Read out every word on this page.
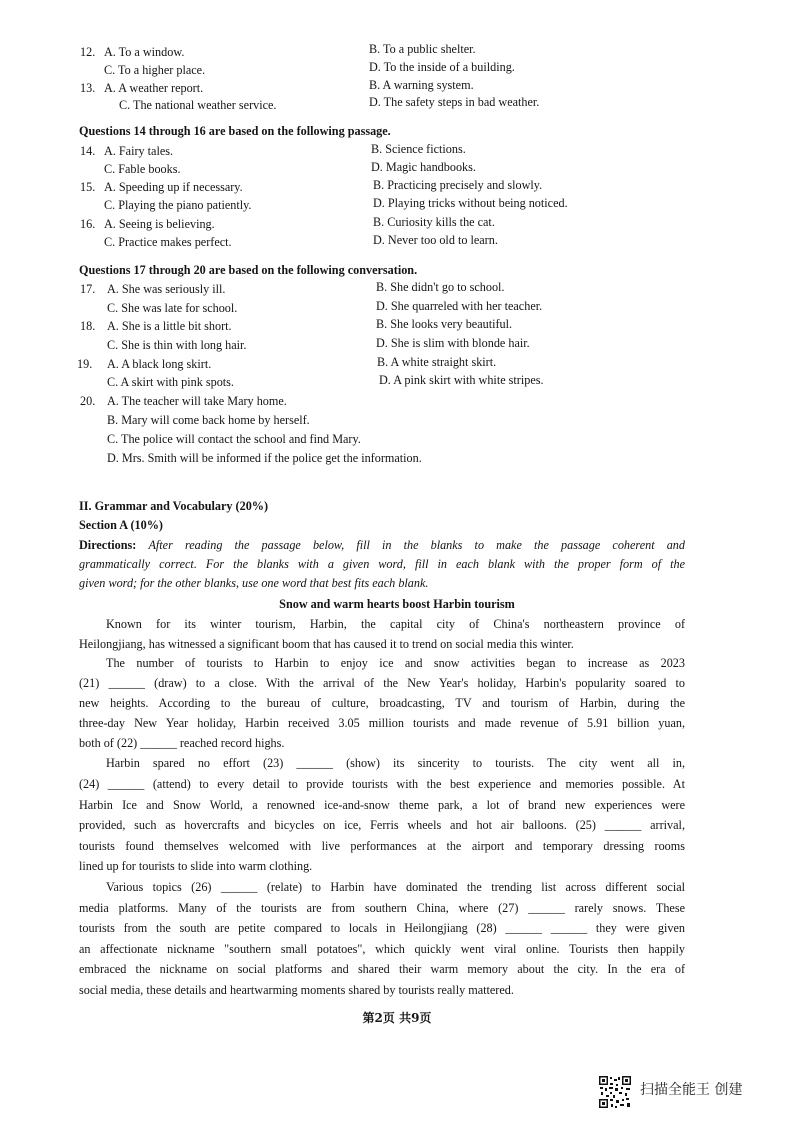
12. A. To a window.	B. To a public shelter.
C. To a higher place.	D. To the inside of a building.
13. A. A weather report.	B. A warning system.
C. The national weather service.	D. The safety steps in bad weather.
Questions 14 through 16 are based on the following passage.
14. A. Fairy tales.	B. Science fictions.
C. Fable books.	D. Magic handbooks.
15. A. Speeding up if necessary.	B. Practicing precisely and slowly.
C. Playing the piano patiently.	D. Playing tricks without being noticed.
16. A. Seeing is believing.	B. Curiosity kills the cat.
C. Practice makes perfect.	D. Never too old to learn.
Questions 17 through 20 are based on the following conversation.
17. A. She was seriously ill.	B. She didn't go to school.
C. She was late for school.	D. She quarreled with her teacher.
18. A. She is a little bit short.	B. She looks very beautiful.
C. She is thin with long hair.	D. She is slim with blonde hair.
19. A. A black long skirt.	B. A white straight skirt.
C. A skirt with pink spots.	D. A pink skirt with white stripes.
20. A. The teacher will take Mary home.
B. Mary will come back home by herself.
C. The police will contact the school and find Mary.
D. Mrs. Smith will be informed if the police get the information.
II. Grammar and Vocabulary (20%)
Section A (10%)
Directions: After reading the passage below, fill in the blanks to make the passage coherent and
grammatically correct. For the blanks with a given word, fill in each blank with the proper form of the
given word; for the other blanks, use one word that best fits each blank.
Snow and warm hearts boost Harbin tourism
Known for its winter tourism, Harbin, the capital city of China's northeastern province of
Heilongjiang, has witnessed a significant boom that has caused it to trend on social media this winter.
The number of tourists to Harbin to enjoy ice and snow activities began to increase as 2023
(21) ______ (draw) to a close. With the arrival of the New Year's holiday, Harbin's popularity soared to
new heights. According to the bureau of culture, broadcasting, TV and tourism of Harbin, during the
three-day New Year holiday, Harbin received 3.05 million tourists and made revenue of 5.91 billion yuan,
both of (22) ______ reached record highs.
Harbin spared no effort (23) ______ (show) its sincerity to tourists. The city went all in,
(24) ______ (attend) to every detail to provide tourists with the best experience and memories possible. At
Harbin Ice and Snow World, a renowned ice-and-snow theme park, a lot of brand new experiences were
provided, such as hovercrafts and bicycles on ice, Ferris wheels and hot air balloons. (25) ______ arrival,
tourists found themselves welcomed with live performances at the airport and temporary dressing rooms
lined up for tourists to slide into warm clothing.
Various topics (26) ______ (relate) to Harbin have dominated the trending list across different social
media platforms. Many of the tourists are from southern China, where (27) ______ rarely snows. These
tourists from the south are petite compared to locals in Heilongjiang (28) ______ ______ they were given
an affectionate nickname "southern small potatoes", which quickly went viral online. Tourists then happily
embraced the nickname on social platforms and shared their warm memory about the city. In the era of
social media, these details and heartwarming moments shared by tourists really mattered.
第2页 共9页
扫描全能王 创建
